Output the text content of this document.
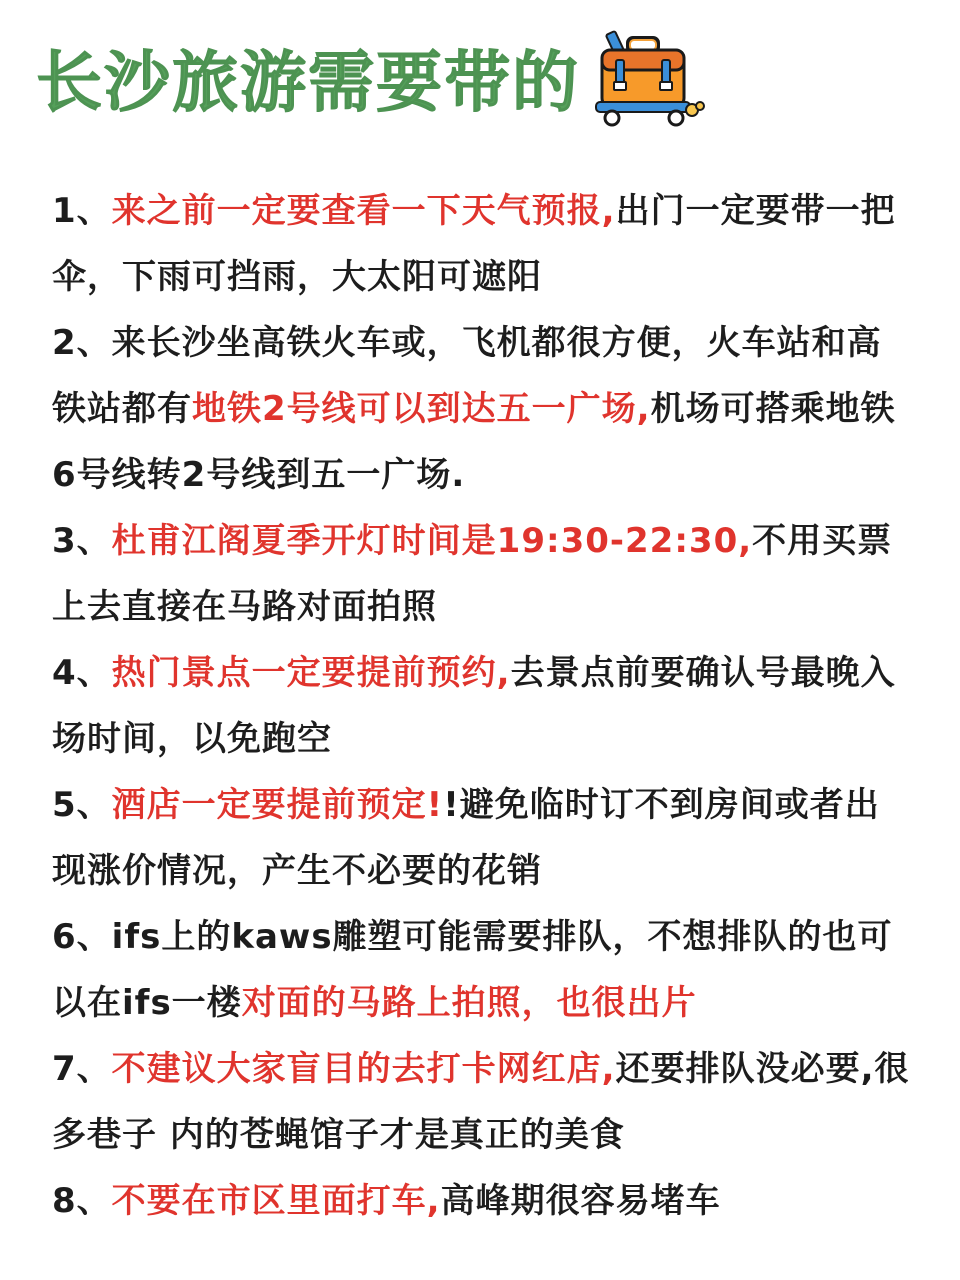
长沙旅游需要带的
1、来之前一定要查看一下天气预报,出门一定要带一把伞，下雨可挡雨，大太阳可遮阳
2、来长沙坐高铁火车或，飞机都很方便，火车站和高铁站都有地铁2号线可以到达五一广场,机场可搭乘地铁6号线转2号线到五一广场.
3、杜甫江阁夏季开灯时间是19:30-22:30,不用买票上去直接在马路对面拍照
4、热门景点一定要提前预约,去景点前要确认号最晚入场时间，以免跑空
5、酒店一定要提前预定!!避免临时订不到房间或者出现涨价情况，产生不必要的花销
6、ifs上的kaws雕塑可能需要排队，不想排队的也可以在ifs一楼对面的马路上拍照，也很出片
7、不建议大家盲目的去打卡网红店,还要排队没必要,很多巷子 内的苍蝇馆子才是真正的美食
8、不要在市区里面打车,高峰期很容易堵车
